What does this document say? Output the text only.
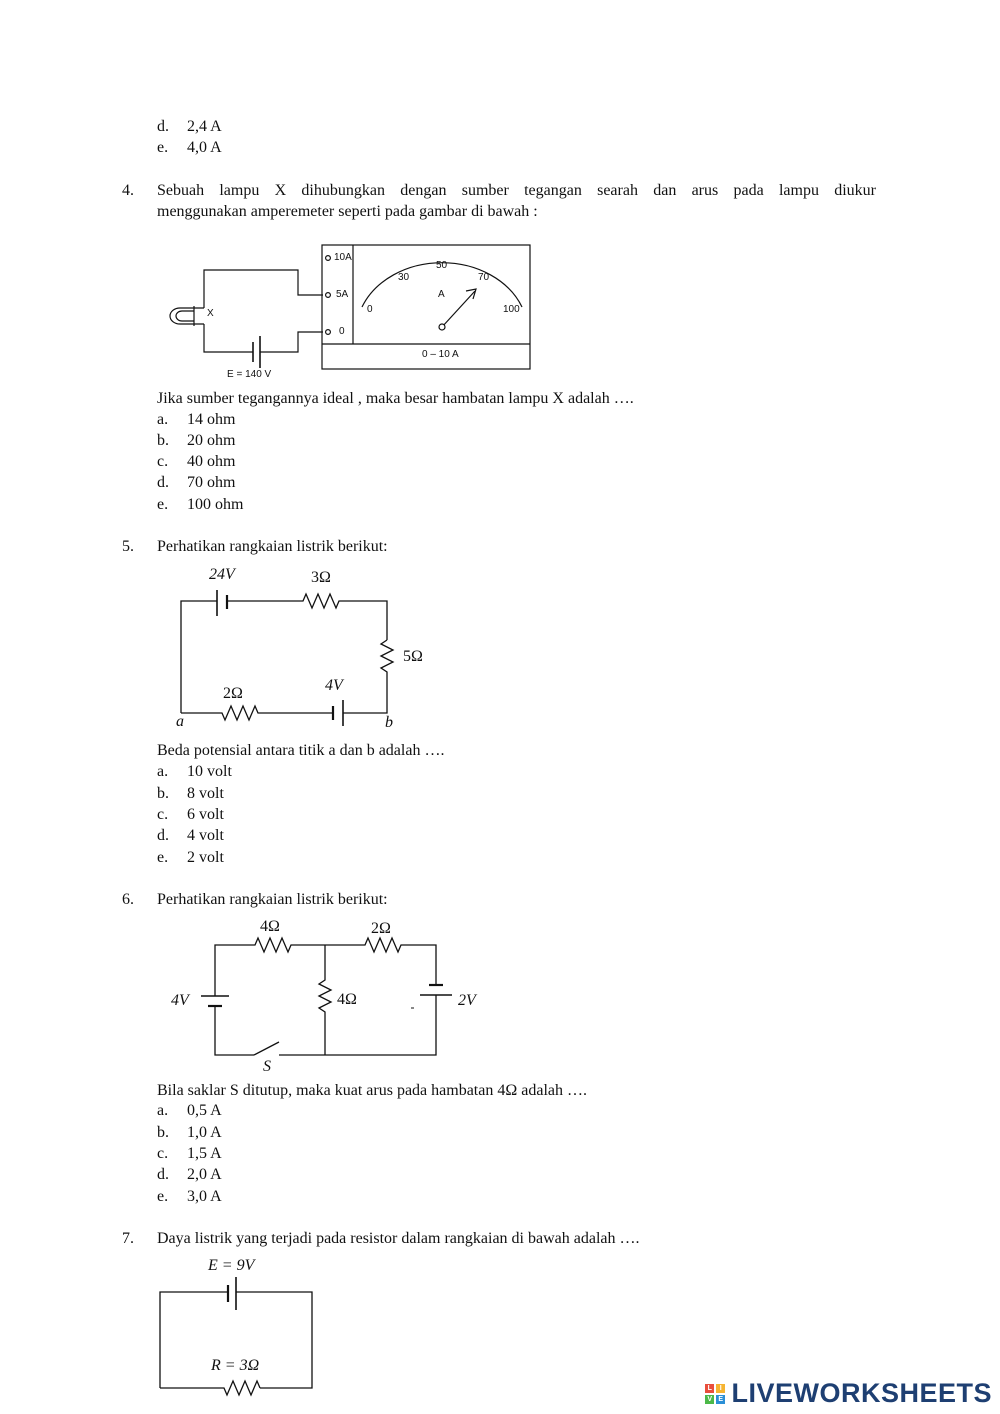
d. 2,4 A
e. 4,0 A
4. Sebuah lampu X dihubungkan dengan sumber tegangan searah dan arus pada lampu diukur
menggunakan amperemeter seperti pada gambar di bawah :
X
E = 140 V
10A
5A
0
0
30
50
70
100
A
0 – 10 A
Jika sumber tegangannya ideal , maka besar hambatan lampu X adalah ….
a. 14 ohm
b. 20 ohm
c. 40 ohm
d. 70 ohm
e. 100 ohm
5. Perhatikan rangkaian listrik berikut:
24V	3Ω
5Ω
4V
2Ω
a	b
Beda potensial antara titik a dan b adalah ….
a. 10 volt
b. 8 volt
c. 6 volt
d. 4 volt
e. 2 volt
6. Perhatikan rangkaian listrik berikut:
4Ω	2Ω
4Ω
4V	2V
S
Bila saklar S ditutup, maka kuat arus pada hambatan 4Ω adalah ….
a. 0,5 A
b. 1,0 A
c. 1,5 A
d. 2,0 A
e. 3,0 A
7. Daya listrik yang terjadi pada resistor dalam rangkaian di bawah adalah ….
E = 9V
R = 3Ω
L	I
V E LIVEWORKSHEETS
